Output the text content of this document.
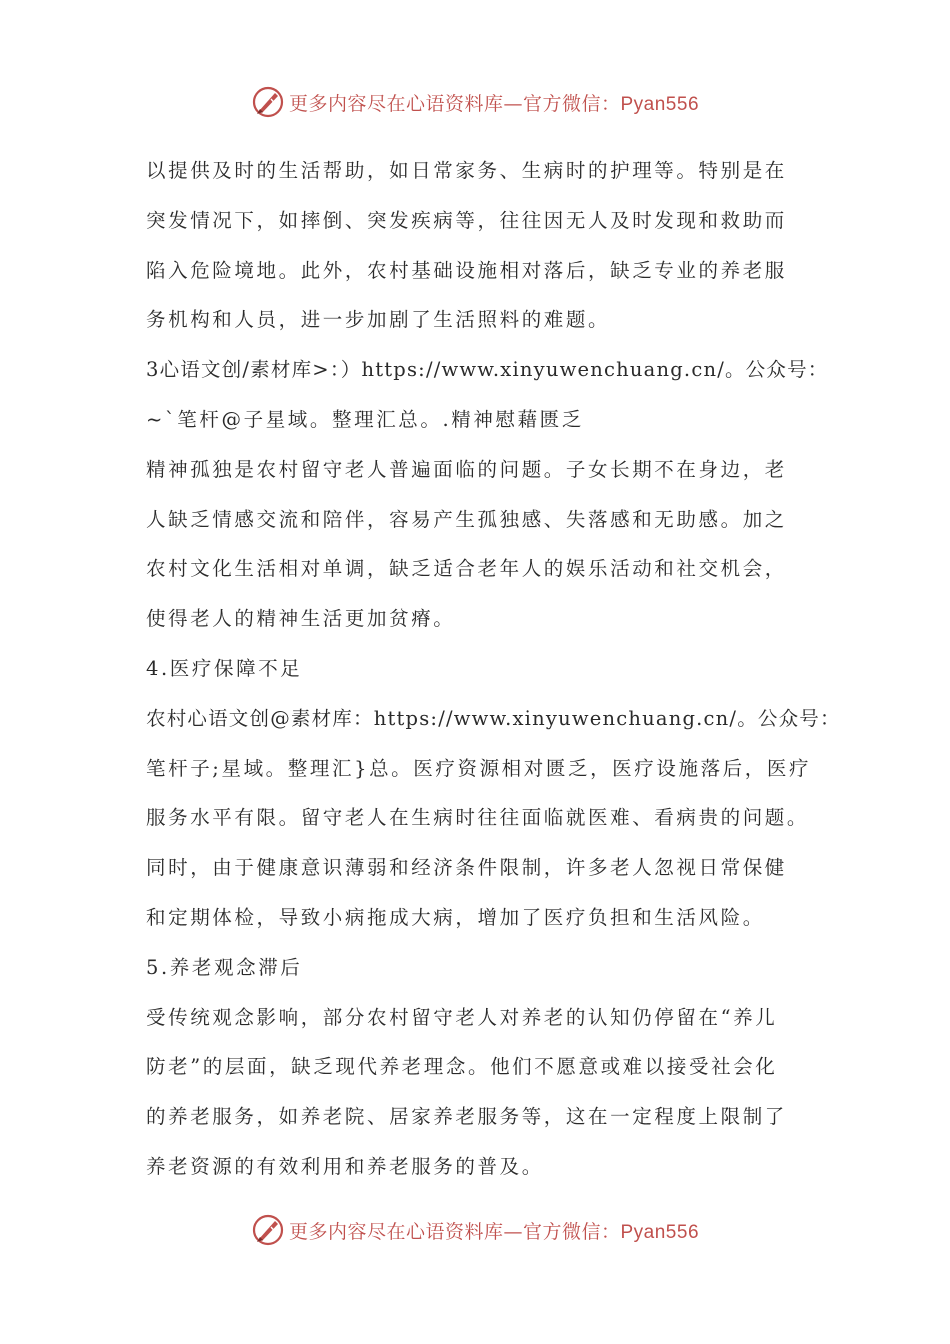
更多内容尽在心语资料库—官方微信：Pyan556
以提供及时的生活帮助，如日常家务、生病时的护理等。特别是在
突发情况下，如摔倒、突发疾病等，往往因无人及时发现和救助而
陷入危险境地。此外，农村基础设施相对落后，缺乏专业的养老服
务机构和人员，进一步加剧了生活照料的难题。
3心语文创/素材库>：）https://www.xinyuwenchuang.cn/。公众号：
~`笔杆@子星域。整理汇总。.精神慰藉匮乏
精神孤独是农村留守老人普遍面临的问题。子女长期不在身边，老
人缺乏情感交流和陪伴，容易产生孤独感、失落感和无助感。加之
农村文化生活相对单调，缺乏适合老年人的娱乐活动和社交机会，
使得老人的精神生活更加贫瘠。
4.医疗保障不足
农村心语文创@素材库：https://www.xinyuwenchuang.cn/。公众号：
笔杆子;星域。整理汇}总。医疗资源相对匮乏，医疗设施落后，医疗
服务水平有限。留守老人在生病时往往面临就医难、看病贵的问题。
同时，由于健康意识薄弱和经济条件限制，许多老人忽视日常保健
和定期体检，导致小病拖成大病，增加了医疗负担和生活风险。
5.养老观念滞后
受传统观念影响，部分农村留守老人对养老的认知仍停留在“养儿
防老”的层面，缺乏现代养老理念。他们不愿意或难以接受社会化
的养老服务，如养老院、居家养老服务等，这在一定程度上限制了
养老资源的有效利用和养老服务的普及。
更多内容尽在心语资料库—官方微信：Pyan556
